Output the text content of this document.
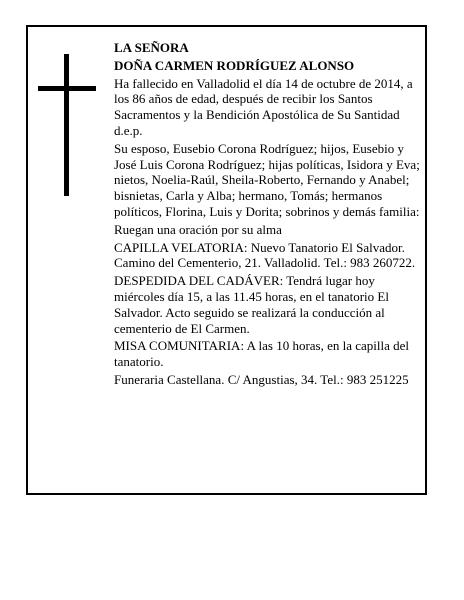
LA SEÑORA

DOÑA CARMEN RODRÍGUEZ ALONSO

Ha fallecido en Valladolid el día 14 de octubre de 2014, a los 86 años de edad, después de recibir los Santos Sacramentos y la Bendición Apostólica de Su Santidad d.e.p.

Su esposo, Eusebio Corona Rodríguez; hijos, Eusebio y José Luis Corona Rodríguez; hijas políticas, Isidora y Eva; nietos, Noelia-Raúl, Sheila-Roberto, Fernando y Anabel; bisnietas, Carla y Alba; hermano, Tomás; hermanos políticos, Florina, Luis y Dorita; sobrinos y demás familia:

Ruegan una oración por su alma

CAPILLA VELATORIA: Nuevo Tanatorio El Salvador. Camino del Cementerio, 21. Valladolid. Tel.: 983 260722.

DESPEDIDA DEL CADÁVER: Tendrá lugar hoy miércoles día 15, a las 11.45 horas, en el tanatorio El Salvador. Acto seguido se realizará la conducción al cementerio de El Carmen.

MISA COMUNITARIA: A las 10 horas, en la capilla del tanatorio.

Funeraria Castellana. C/ Angustias, 34. Tel.: 983 251225
